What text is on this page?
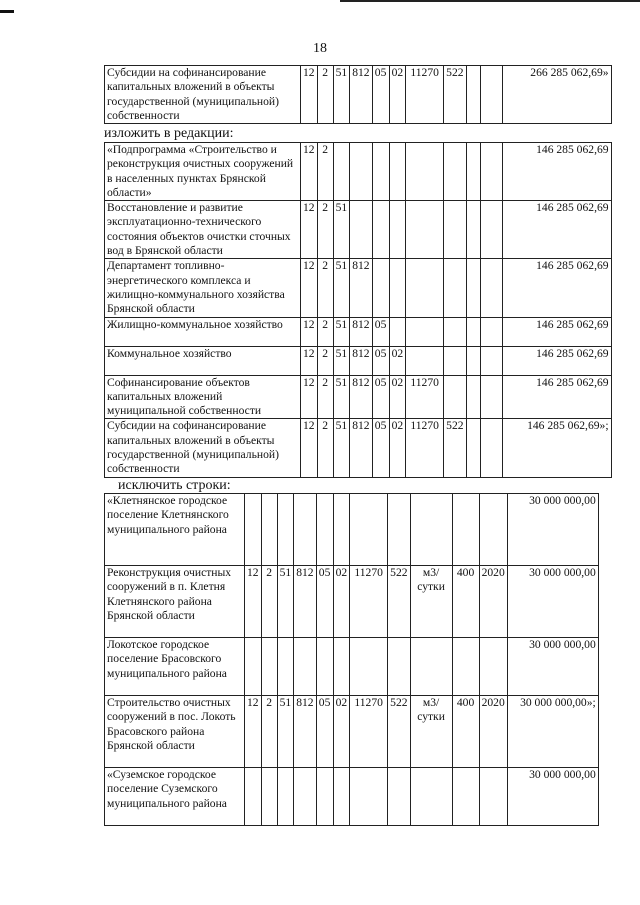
18
Субсидии на софинансирование капитальных вложений в объекты государственной (муниципальной) собственности	12	2	51	812	05	02	11270	522			266 285 062,69»
изложить в редакции:
«Подпрограмма «Строительство и реконструкция очистных сооружений в населенных пунктах Брянской области»	12	2									146 285 062,69
Восстановление и развитие эксплуатационно-технического состояния объектов очистки сточных вод в Брянской области	12	2	51								146 285 062,69
Департамент топливно-энергетического комплекса и жилищно-коммунального хозяйства Брянской области	12	2	51	812							146 285 062,69
Жилищно-коммунальное хозяйство	12	2	51	812	05						146 285 062,69
Коммунальное хозяйство	12	2	51	812	05	02					146 285 062,69
Софинансирование объектов капитальных вложений муниципальной собственности	12	2	51	812	05	02	11270				146 285 062,69
Субсидии на софинансирование капитальных вложений в объекты государственной (муниципальной) собственности	12	2	51	812	05	02	11270	522			146 285 062,69»;
исключить строки:
«Клетнянское городское поселение Клетнянского муниципального района												30 000 000,00
Реконструкция очистных сооружений в п. Клетня Клетнянского района Брянской области	12	2	51	812	05	02	11270	522	м3/ сутки	400	2020	30 000 000,00
Локотское городское поселение Брасовского муниципального района												30 000 000,00
Строительство очистных сооружений в пос. Локоть Брасовского района Брянской области	12	2	51	812	05	02	11270	522	м3/ сутки	400	2020	30 000 000,00»;
«Суземское городское поселение Суземского муниципального района												30 000 000,00
